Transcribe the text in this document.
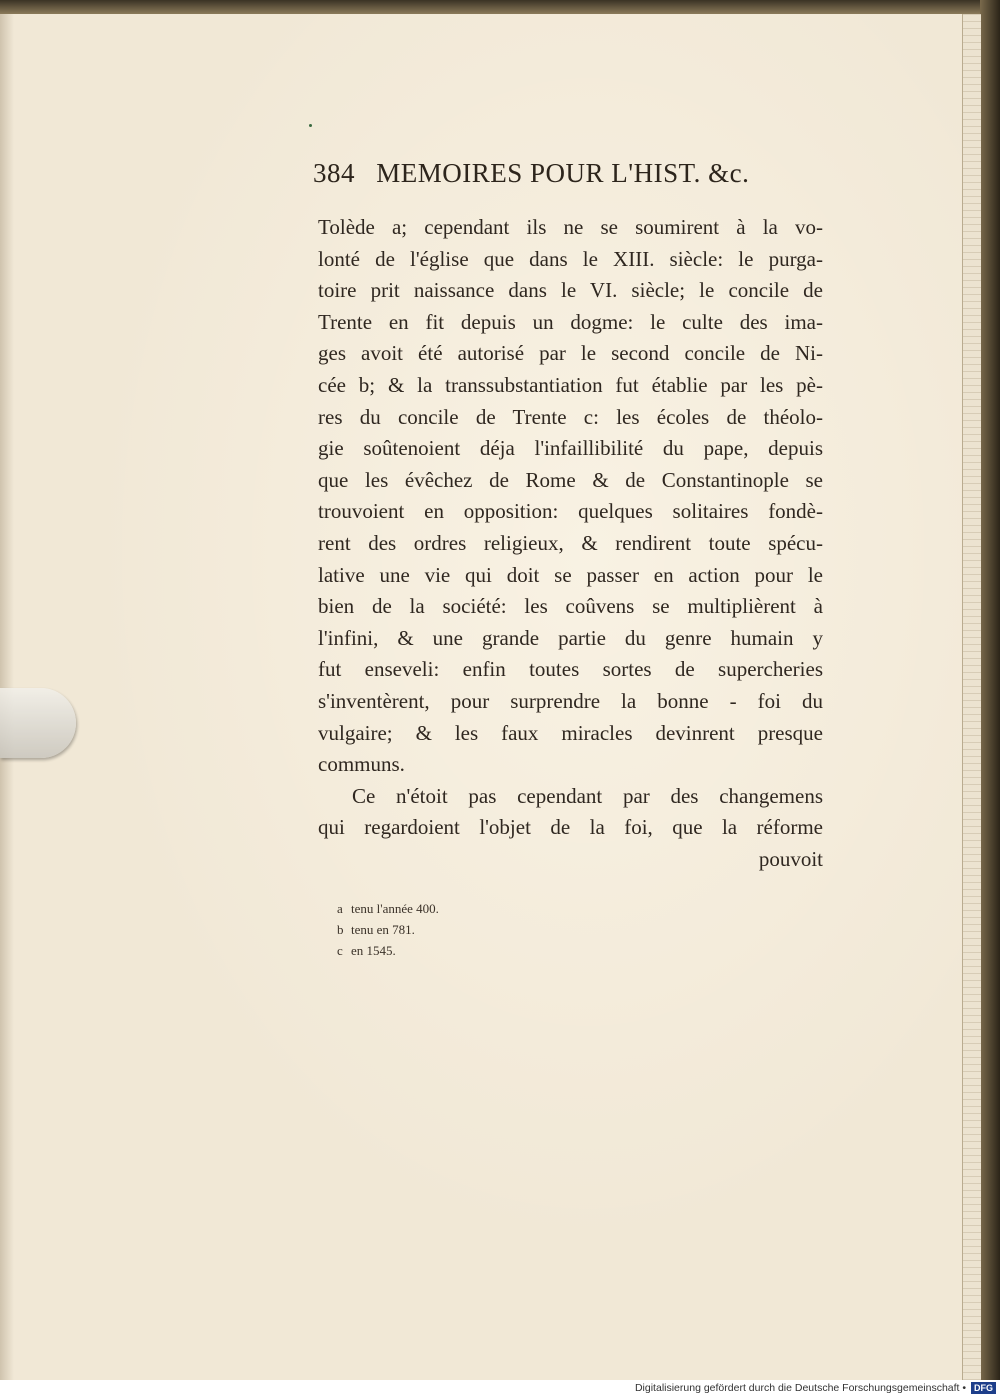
384 MEMOIRES POUR L'HIST. &c.
Tolède a; cependant ils ne se soumirent à la vo-
lonté de l'église que dans le XIII. siècle: le purga-
toire prit naissance dans le VI. siècle; le concile de
Trente en fit depuis un dogme: le culte des ima-
ges avoit été autorisé par le second concile de Ni-
cée b; & la transsubstantiation fut établie par les pè-
res du concile de Trente c: les écoles de théolo-
gie soûtenoient déja l'infaillibilité du pape, depuis
que les évêchez de Rome & de Constantinople se
trouvoient en opposition: quelques solitaires fondè-
rent des ordres religieux, & rendirent toute spécu-
lative une vie qui doit se passer en action pour le
bien de la société: les coûvens se multiplièrent à
l'infini, & une grande partie du genre humain y
fut enseveli: enfin toutes sortes de supercheries
s'inventèrent, pour surprendre la bonne - foi du
vulgaire; & les faux miracles devinrent presque
communs.
Ce n'étoit pas cependant par des changemens
qui regardoient l'objet de la foi, que la réforme
pouvoit
a tenu l'année 400.
b tenu en 781.
c en 1545.
Digitalisierung gefördert durch die Deutsche Forschungsgemeinschaft • DFG
